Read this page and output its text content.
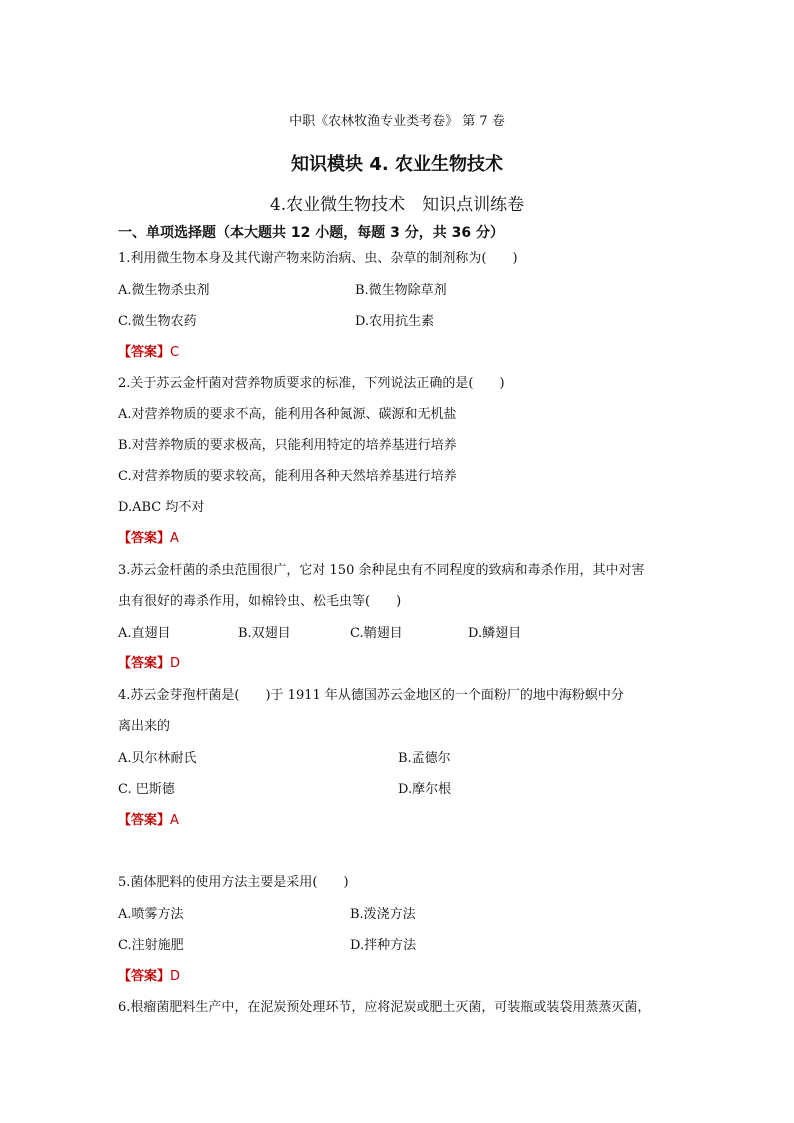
中职《农林牧渔专业类考卷》 第 7 卷
知识模块 4. 农业生物技术
4.农业微生物技术　知识点训练卷
一、单项选择题（本大题共 12 小题，每题 3 分，共 36 分）
1.利用微生物本身及其代谢产物来防治病、虫、杂草的制剂称为(　　)
A.微生物杀虫剂	B.微生物除草剂
C.微生物农药	D.农用抗生素
【答案】C
2.关于苏云金杆菌对营养物质要求的标准，下列说法正确的是(　　)
A.对营养物质的要求不高，能利用各种氮源、碳源和无机盐
B.对营养物质的要求极高，只能利用特定的培养基进行培养
C.对营养物质的要求较高，能利用各种天然培养基进行培养
D.ABC 均不对
【答案】A
3.苏云金杆菌的杀虫范围很广，它对 150 余种昆虫有不同程度的致病和毒杀作用，其中对害
虫有很好的毒杀作用，如棉铃虫、松毛虫等(　　)
A.直翅目	B.双翅目	C.鞘翅目	D.鳞翅目
【答案】D
4.苏云金芽孢杆菌是(　　)于 1911 年从德国苏云金地区的一个面粉厂的地中海粉螟中分
离出来的
A.贝尔林耐氏	B.孟德尔
C. 巴斯德	D.摩尔根
【答案】A
5.菌体肥料的使用方法主要是采用(　　)
A.喷雾方法	B.泼浇方法
C.注射施肥	D.拌种方法
【答案】D
6.根瘤菌肥料生产中，在泥炭预处理环节，应将泥炭或肥土灭菌，可装瓶或装袋用蒸蒸灭菌，
